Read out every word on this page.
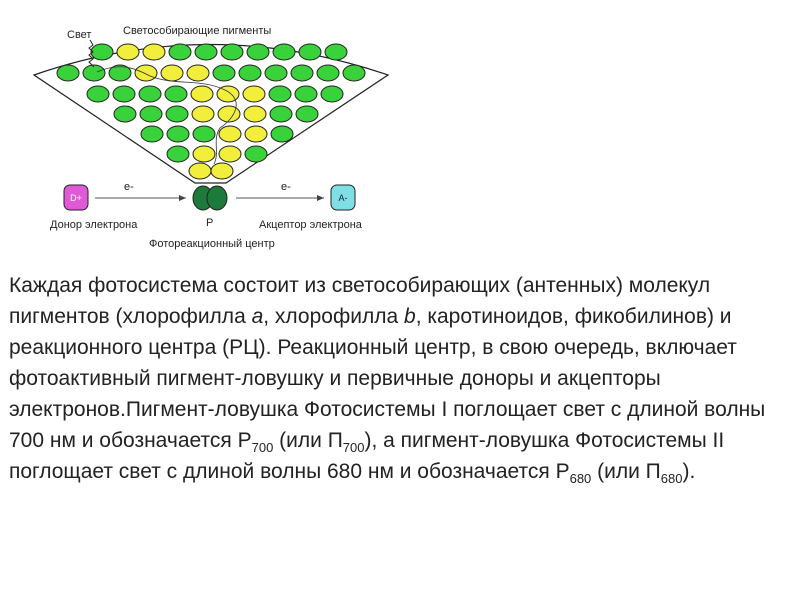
Свет	Светособирающие пигменты
D+	A-
P
e-	e-
Донор электрона	Акцептор электрона
Фотореакционный центр

Каждая фотосистема состоит из светособирающих (антенных) молекул пигментов (хлорофилла а, хлорофилла b, каротиноидов, фикобилинов) и реакционного центра (РЦ). Реакционный центр, в свою очередь, включает фотоактивный пигмент-ловушку и первичные доноры и акцепторы электронов.Пигмент-ловушка Фотосистемы I поглощает свет с длиной волны 700 нм и обозначается $Р_{700}$ (или $П_{700}$), а пигмент-ловушка Фотосистемы II поглощает свет с длиной волны 680 нм и обозначается $Р_{680}$ (или $П_{680}$).
